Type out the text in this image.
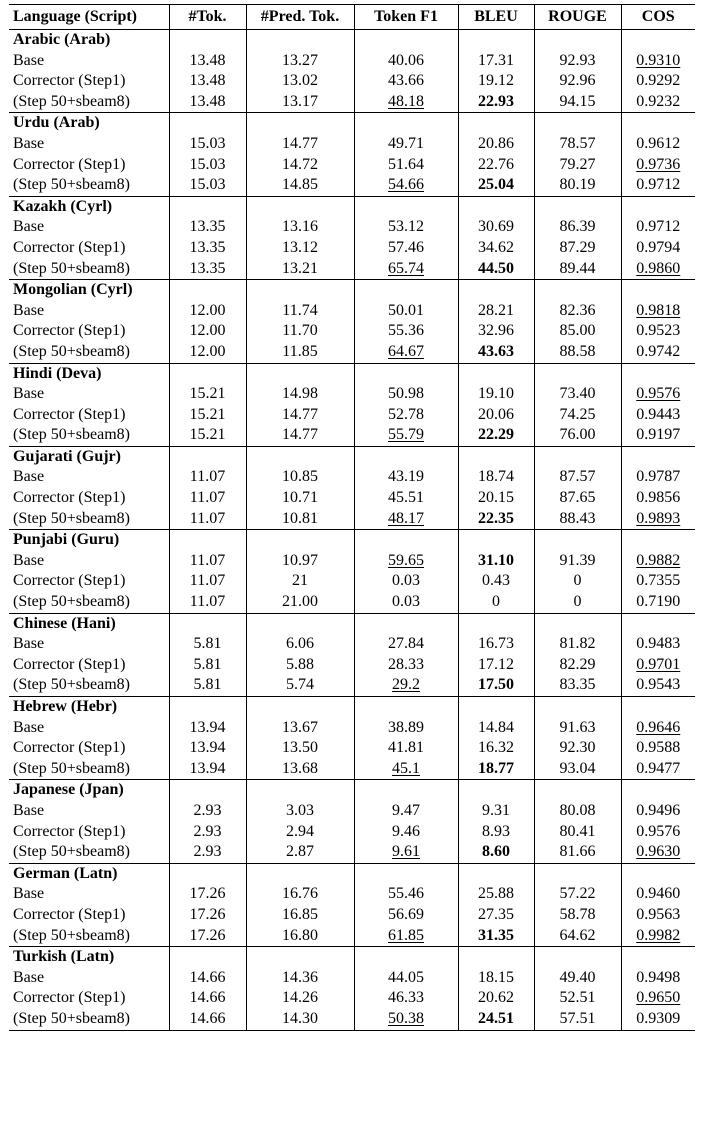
Language (Script)	#Tok.	#Pred. Tok.	Token F1	BLEU	ROUGE	COS
Arabic (Arab)						
Base	13.48	13.27	40.06	17.31	92.93	0.9310
Corrector (Step1)	13.48	13.02	43.66	19.12	92.96	0.9292
(Step 50+sbeam8)	13.48	13.17	48.18	22.93	94.15	0.9232
Urdu (Arab)						
Base	15.03	14.77	49.71	20.86	78.57	0.9612
Corrector (Step1)	15.03	14.72	51.64	22.76	79.27	0.9736
(Step 50+sbeam8)	15.03	14.85	54.66	25.04	80.19	0.9712
Kazakh (Cyrl)						
Base	13.35	13.16	53.12	30.69	86.39	0.9712
Corrector (Step1)	13.35	13.12	57.46	34.62	87.29	0.9794
(Step 50+sbeam8)	13.35	13.21	65.74	44.50	89.44	0.9860
Mongolian (Cyrl)						
Base	12.00	11.74	50.01	28.21	82.36	0.9818
Corrector (Step1)	12.00	11.70	55.36	32.96	85.00	0.9523
(Step 50+sbeam8)	12.00	11.85	64.67	43.63	88.58	0.9742
Hindi (Deva)						
Base	15.21	14.98	50.98	19.10	73.40	0.9576
Corrector (Step1)	15.21	14.77	52.78	20.06	74.25	0.9443
(Step 50+sbeam8)	15.21	14.77	55.79	22.29	76.00	0.9197
Gujarati (Gujr)						
Base	11.07	10.85	43.19	18.74	87.57	0.9787
Corrector (Step1)	11.07	10.71	45.51	20.15	87.65	0.9856
(Step 50+sbeam8)	11.07	10.81	48.17	22.35	88.43	0.9893
Punjabi (Guru)						
Base	11.07	10.97	59.65	31.10	91.39	0.9882
Corrector (Step1)	11.07	21	0.03	0.43	0	0.7355
(Step 50+sbeam8)	11.07	21.00	0.03	0	0	0.7190
Chinese (Hani)						
Base	5.81	6.06	27.84	16.73	81.82	0.9483
Corrector (Step1)	5.81	5.88	28.33	17.12	82.29	0.9701
(Step 50+sbeam8)	5.81	5.74	29.2	17.50	83.35	0.9543
Hebrew (Hebr)						
Base	13.94	13.67	38.89	14.84	91.63	0.9646
Corrector (Step1)	13.94	13.50	41.81	16.32	92.30	0.9588
(Step 50+sbeam8)	13.94	13.68	45.1	18.77	93.04	0.9477
Japanese (Jpan)						
Base	2.93	3.03	9.47	9.31	80.08	0.9496
Corrector (Step1)	2.93	2.94	9.46	8.93	80.41	0.9576
(Step 50+sbeam8)	2.93	2.87	9.61	8.60	81.66	0.9630
German (Latn)						
Base	17.26	16.76	55.46	25.88	57.22	0.9460
Corrector (Step1)	17.26	16.85	56.69	27.35	58.78	0.9563
(Step 50+sbeam8)	17.26	16.80	61.85	31.35	64.62	0.9982
Turkish (Latn)						
Base	14.66	14.36	44.05	18.15	49.40	0.9498
Corrector (Step1)	14.66	14.26	46.33	20.62	52.51	0.9650
(Step 50+sbeam8)	14.66	14.30	50.38	24.51	57.51	0.9309
